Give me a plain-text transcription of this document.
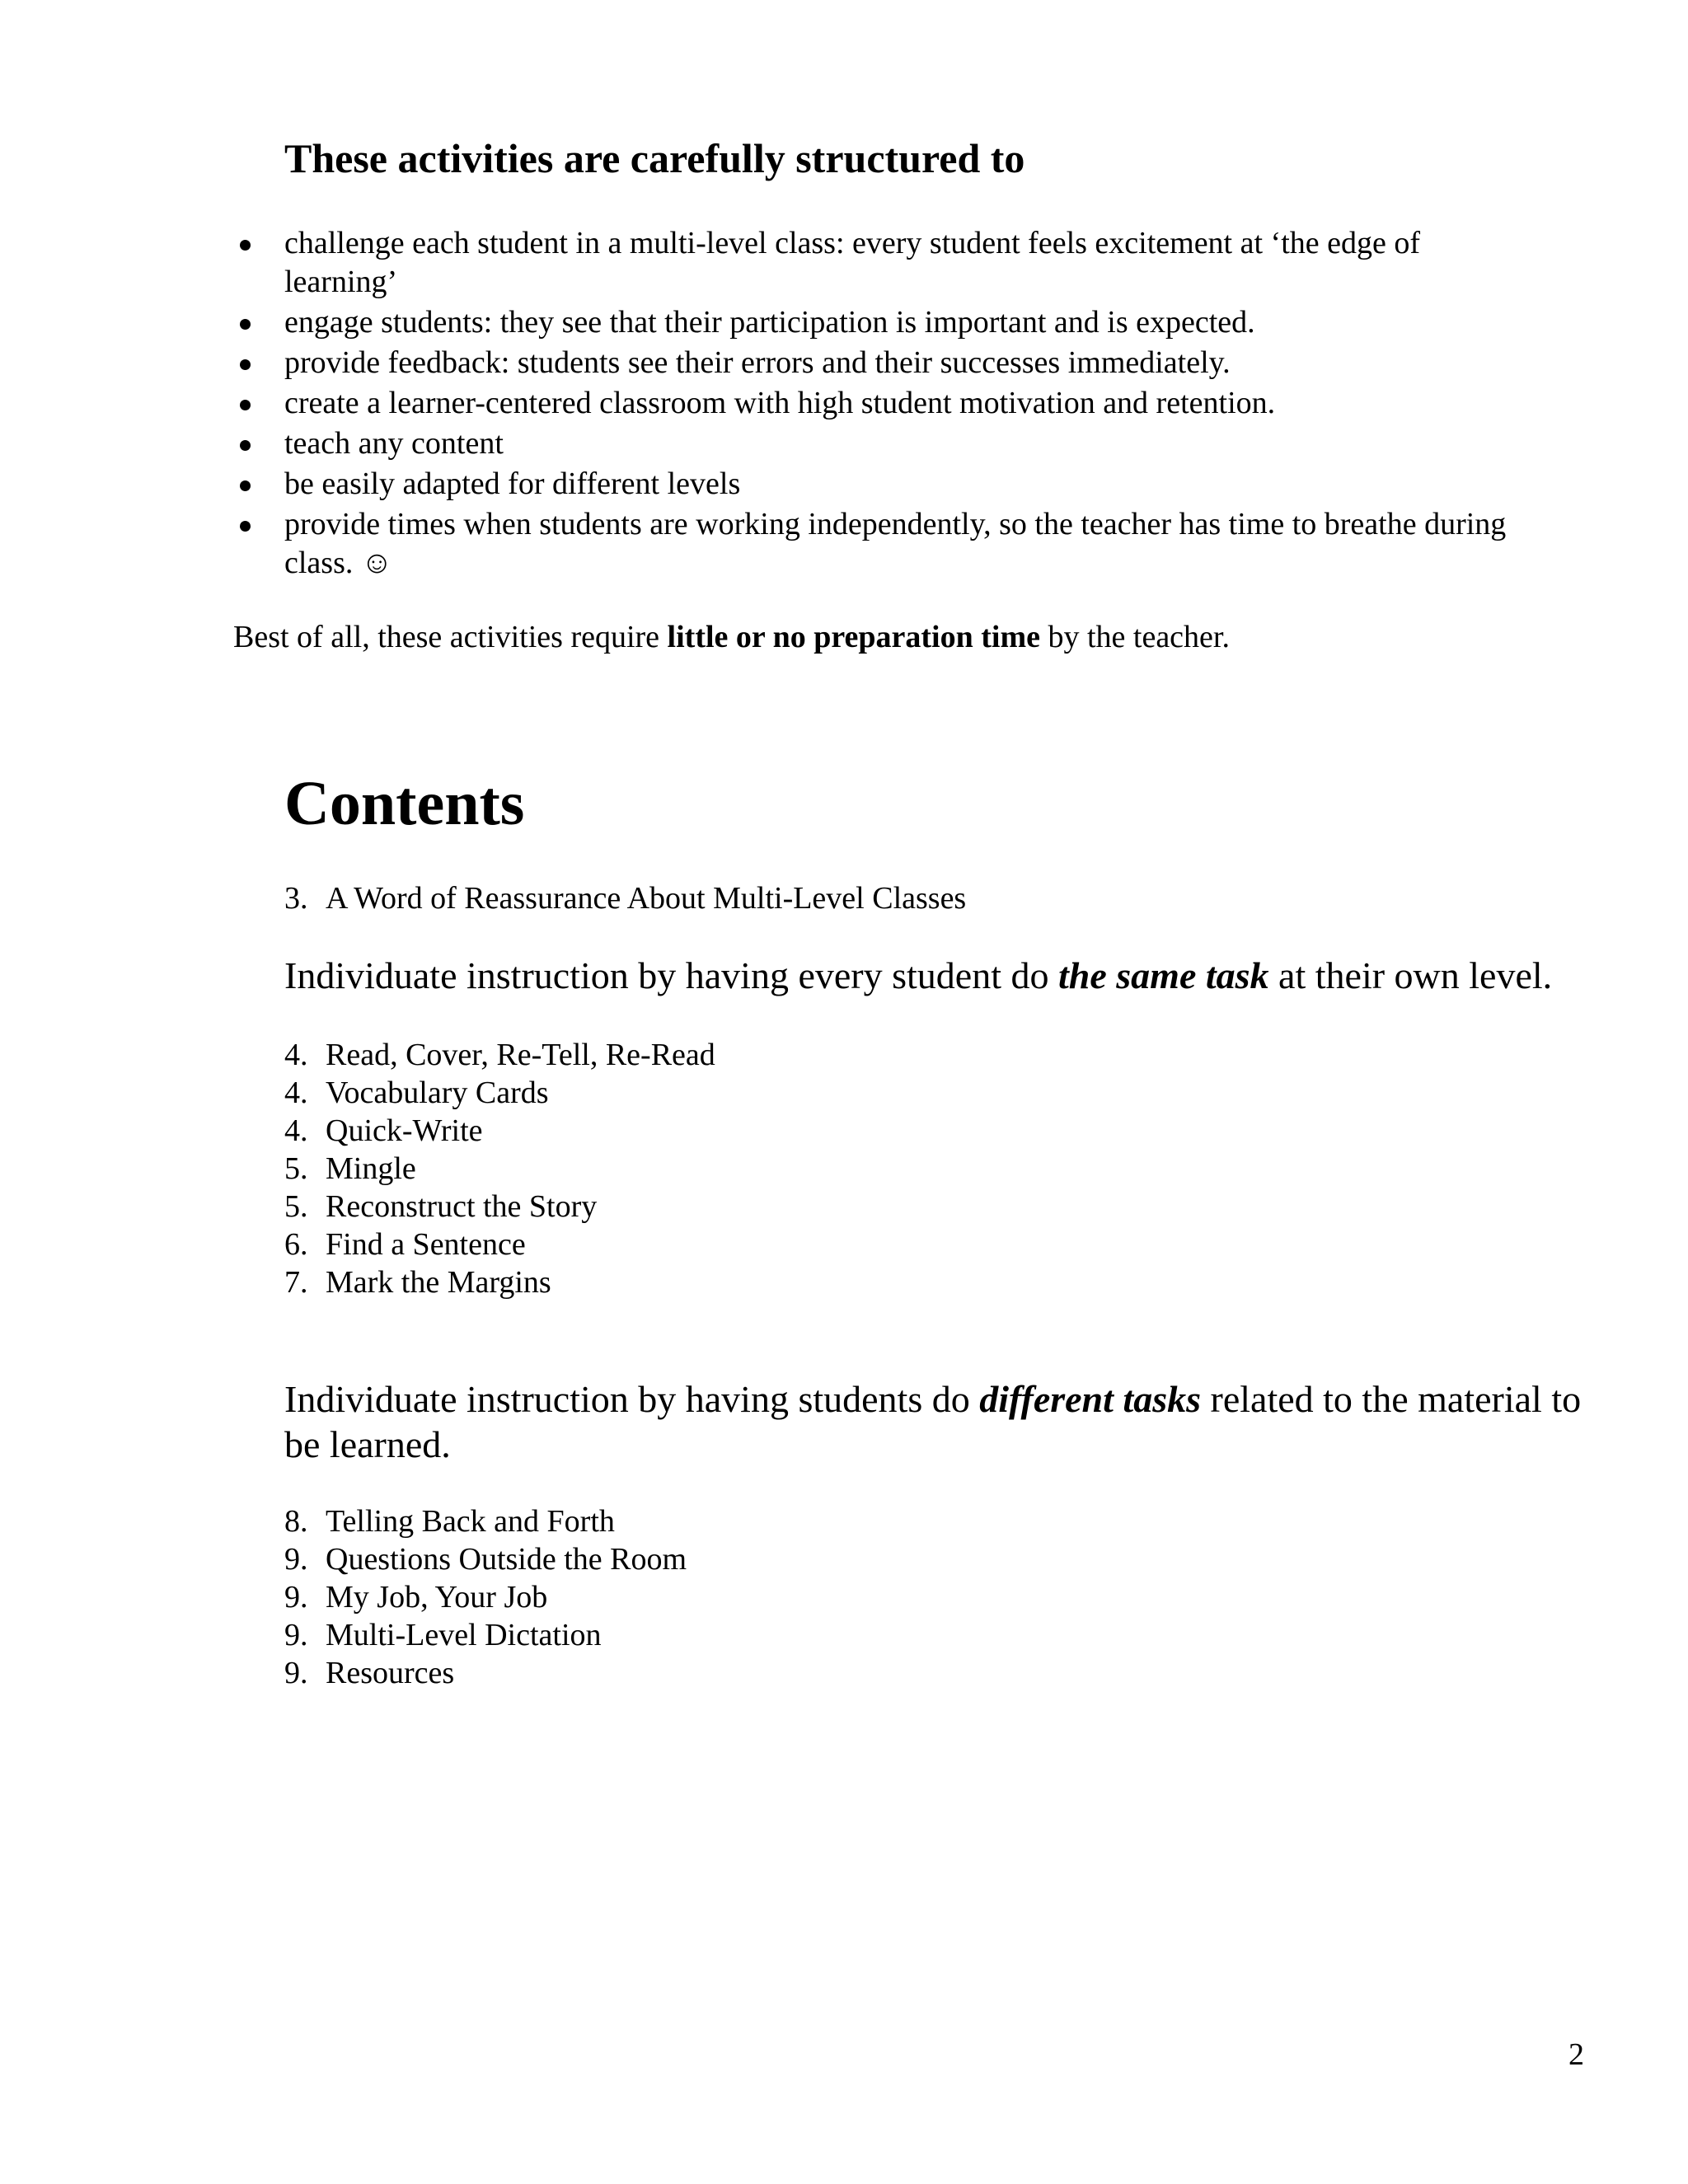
These activities are carefully structured to
challenge each student in a multi-level class: every student feels excitement at ‘the edge of learning’
engage students: they see that their participation is important and is expected.
provide feedback: students see their errors and their successes immediately.
create a learner-centered classroom with high student motivation and retention.
teach any content
be easily adapted for different levels
provide times when students are working independently, so the teacher has time to breathe during class. ☺

Best of all, these activities require little or no preparation time by the teacher.

Contents
3. A Word of Reassurance About Multi-Level Classes

Individuate instruction by having every student do the same task at their own level.

4. Read, Cover, Re-Tell, Re-Read
4. Vocabulary Cards
4. Quick-Write
5. Mingle
5. Reconstruct the Story
6. Find a Sentence
7. Mark the Margins

Individuate instruction by having students do different tasks related to the material to be learned.

8. Telling Back and Forth
9. Questions Outside the Room
9. My Job, Your Job
9. Multi-Level Dictation
9. Resources

2
